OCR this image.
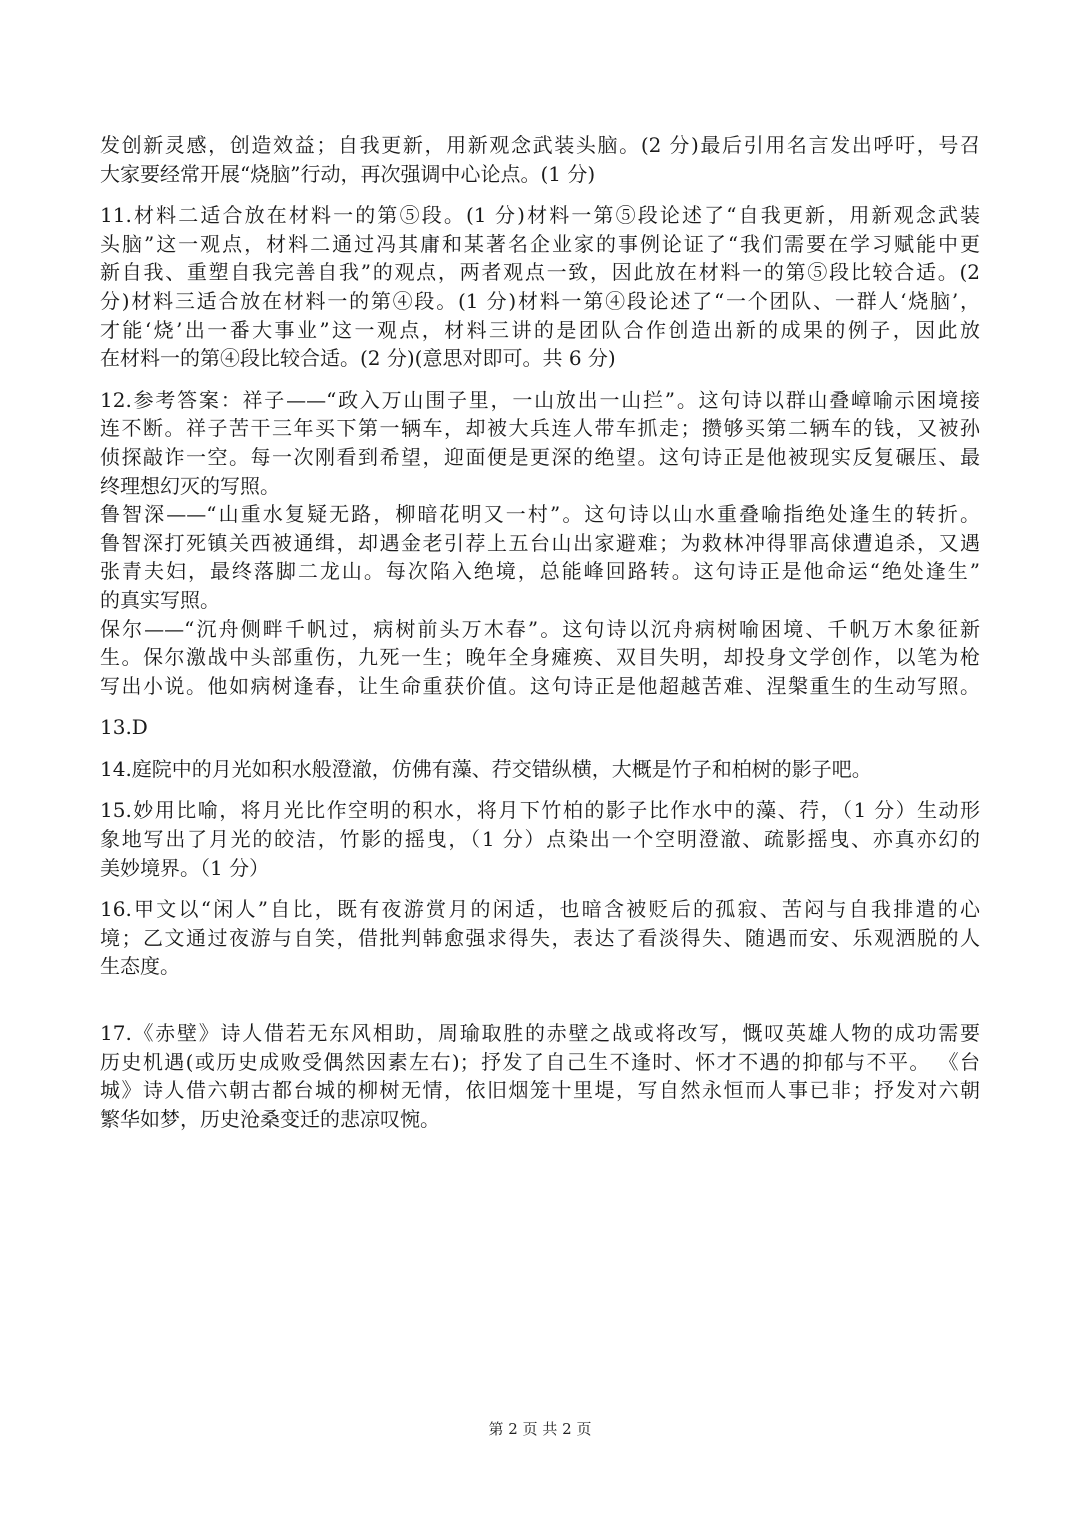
发创新灵感，创造效益；自我更新，用新观念武装头脑。(2 分)最后引用名言发出呼吁，号召
大家要经常开展“烧脑”行动，再次强调中心论点。(1 分)
11.材料二适合放在材料一的第⑤段。(1 分)材料一第⑤段论述了“自我更新，用新观念武装
头脑”这一观点，材料二通过冯其庸和某著名企业家的事例论证了“我们需要在学习赋能中更
新自我、重塑自我完善自我”的观点，两者观点一致，因此放在材料一的第⑤段比较合适。(2
分)材料三适合放在材料一的第④段。(1 分)材料一第④段论述了“一个团队、一群人‘烧脑’，
才能‘烧’出一番大事业”这一观点，材料三讲的是团队合作创造出新的成果的例子，因此放
在材料一的第④段比较合适。(2 分)(意思对即可。共 6 分)
12.参考答案：祥子——“政入万山围子里，一山放出一山拦”。这句诗以群山叠嶂喻示困境接
连不断。祥子苦干三年买下第一辆车，却被大兵连人带车抓走；攒够买第二辆车的钱，又被孙
侦探敲诈一空。每一次刚看到希望，迎面便是更深的绝望。这句诗正是他被现实反复碾压、最
终理想幻灭的写照。
鲁智深——“山重水复疑无路，柳暗花明又一村”。这句诗以山水重叠喻指绝处逢生的转折。
鲁智深打死镇关西被通缉，却遇金老引荐上五台山出家避难；为救林冲得罪高俅遭追杀，又遇
张青夫妇，最终落脚二龙山。每次陷入绝境，总能峰回路转。这句诗正是他命运“绝处逢生”
的真实写照。
保尔——“沉舟侧畔千帆过，病树前头万木春”。这句诗以沉舟病树喻困境、千帆万木象征新
生。保尔激战中头部重伤，九死一生；晚年全身瘫痪、双目失明，却投身文学创作，以笔为枪
写出小说。他如病树逢春，让生命重获价值。这句诗正是他超越苦难、涅槃重生的生动写照。
13.D
14.庭院中的月光如积水般澄澈，仿佛有藻、荇交错纵横，大概是竹子和柏树的影子吧。
15.妙用比喻，将月光比作空明的积水，将月下竹柏的影子比作水中的藻、荇，（1 分）生动形
象地写出了月光的皎洁，竹影的摇曳，（1 分）点染出一个空明澄澈、疏影摇曳、亦真亦幻的
美妙境界。（1 分）
16.甲文以“闲人”自比，既有夜游赏月的闲适，也暗含被贬后的孤寂、苦闷与自我排遣的心
境；乙文通过夜游与自笑，借批判韩愈强求得失，表达了看淡得失、随遇而安、乐观洒脱的人
生态度。
17.《赤壁》诗人借若无东风相助，周瑜取胜的赤壁之战或将改写，慨叹英雄人物的成功需要
历史机遇(或历史成败受偶然因素左右)；抒发了自己生不逢时、怀才不遇的抑郁与不平。 《台
城》诗人借六朝古都台城的柳树无情，依旧烟笼十里堤，写自然永恒而人事已非；抒发对六朝
繁华如梦，历史沧桑变迁的悲凉叹惋。
第 2 页 共 2 页
